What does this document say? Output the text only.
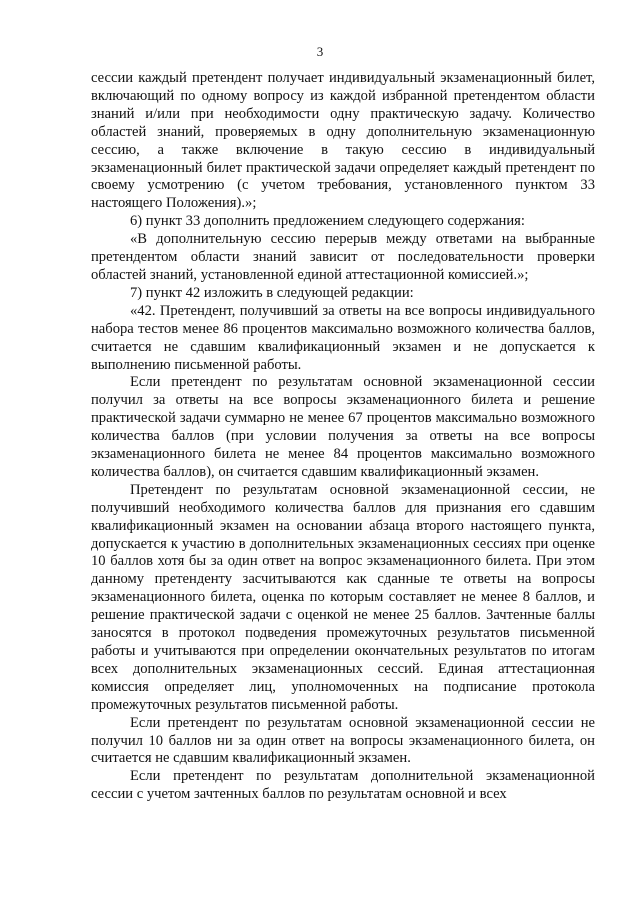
3

сессии каждый претендент получает индивидуальный экзаменационный билет, включающий по одному вопросу из каждой избранной претендентом области знаний и/или при необходимости одну практическую задачу. Количество областей знаний, проверяемых в одну дополнительную экзаменационную сессию, а также включение в такую сессию в индивидуальный экзаменационный билет практической задачи определяет каждый претендент по своему усмотрению (с учетом требования, установленного пунктом 33 настоящего Положения).»;

6) пункт 33 дополнить предложением следующего содержания:

«В дополнительную сессию перерыв между ответами на выбранные претендентом области знаний зависит от последовательности проверки областей знаний, установленной единой аттестационной комиссией.»;

7) пункт 42 изложить в следующей редакции:

«42. Претендент, получивший за ответы на все вопросы индивидуального набора тестов менее 86 процентов максимально возможного количества баллов, считается не сдавшим квалификационный экзамен и не допускается к выполнению письменной работы.

Если претендент по результатам основной экзаменационной сессии получил за ответы на все вопросы экзаменационного билета и решение практической задачи суммарно не менее 67 процентов максимально возможного количества баллов (при условии получения за ответы на все вопросы экзаменационного билета не менее 84 процентов максимально возможного количества баллов), он считается сдавшим квалификационный экзамен.

Претендент по результатам основной экзаменационной сессии, не получивший необходимого количества баллов для признания его сдавшим квалификационный экзамен на основании абзаца второго настоящего пункта, допускается к участию в дополнительных экзаменационных сессиях при оценке 10 баллов хотя бы за один ответ на вопрос экзаменационного билета. При этом данному претенденту засчитываются как сданные те ответы на вопросы экзаменационного билета, оценка по которым составляет не менее 8 баллов, и решение практической задачи с оценкой не менее 25 баллов. Зачтенные баллы заносятся в протокол подведения промежуточных результатов письменной работы и учитываются при определении окончательных результатов по итогам всех дополнительных экзаменационных сессий. Единая аттестационная комиссия определяет лиц, уполномоченных на подписание протокола промежуточных результатов письменной работы.

Если претендент по результатам основной экзаменационной сессии не получил 10 баллов ни за один ответ на вопросы экзаменационного билета, он считается не сдавшим квалификационный экзамен.

Если претендент по результатам дополнительной экзаменационной сессии с учетом зачтенных баллов по результатам основной и всех
